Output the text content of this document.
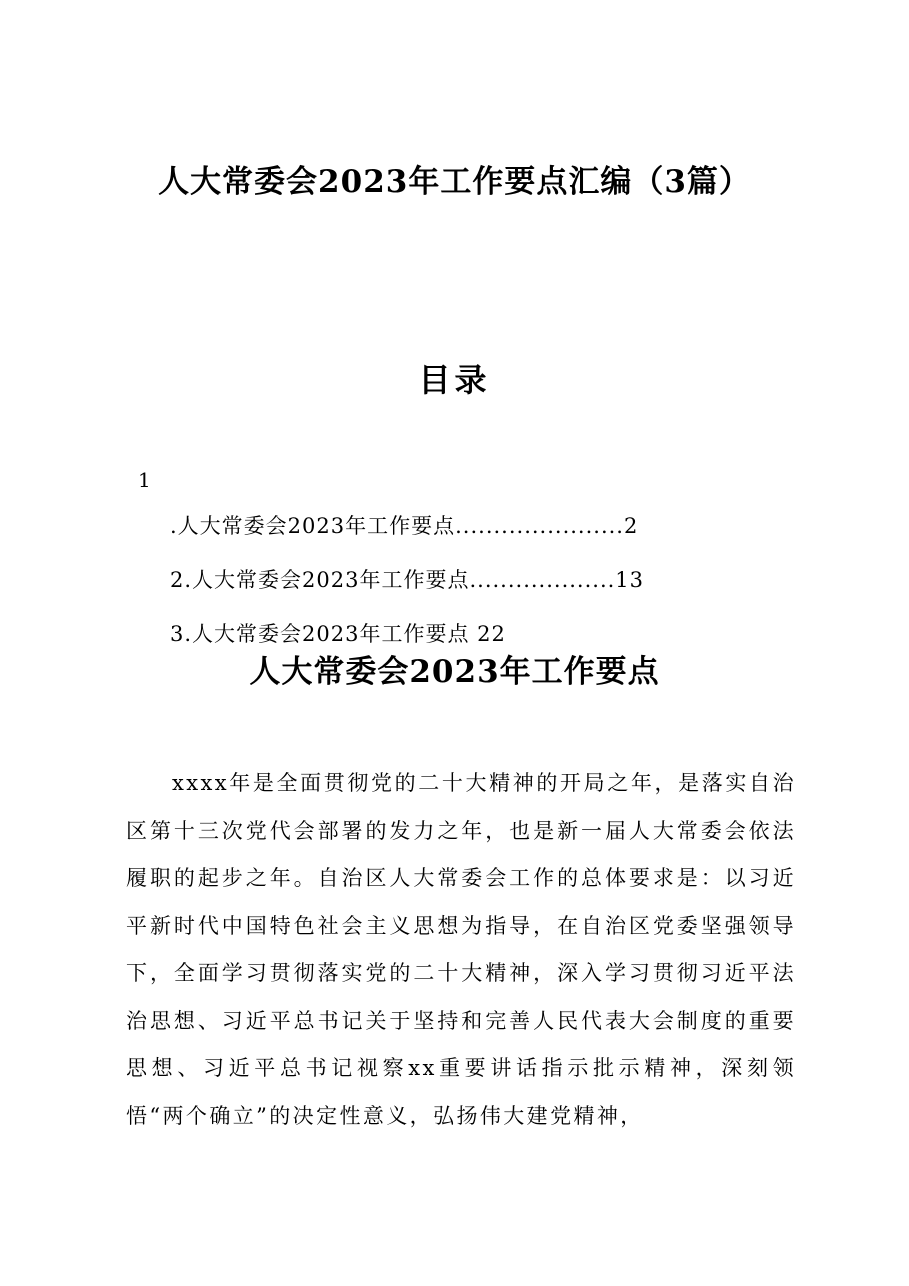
人大常委会2023年工作要点汇编（3篇）
目录
1
.人大常委会2023年工作要点......................2
2.人大常委会2023年工作要点...................13
3.人大常委会2023年工作要点 22
人大常委会2023年工作要点

xxxx年是全面贯彻党的二十大精神的开局之年，是落实自治区第十三次党代会部署的发力之年，也是新一届人大常委会依法履职的起步之年。自治区人大常委会工作的总体要求是：以习近平新时代中国特色社会主义思想为指导，在自治区党委坚强领导下，全面学习贯彻落实党的二十大精神，深入学习贯彻习近平法治思想、习近平总书记关于坚持和完善人民代表大会制度的重要思想、习近平总书记视察xx重要讲话指示批示精神，深刻领悟“两个确立”的决定性意义，弘扬伟大建党精神，
